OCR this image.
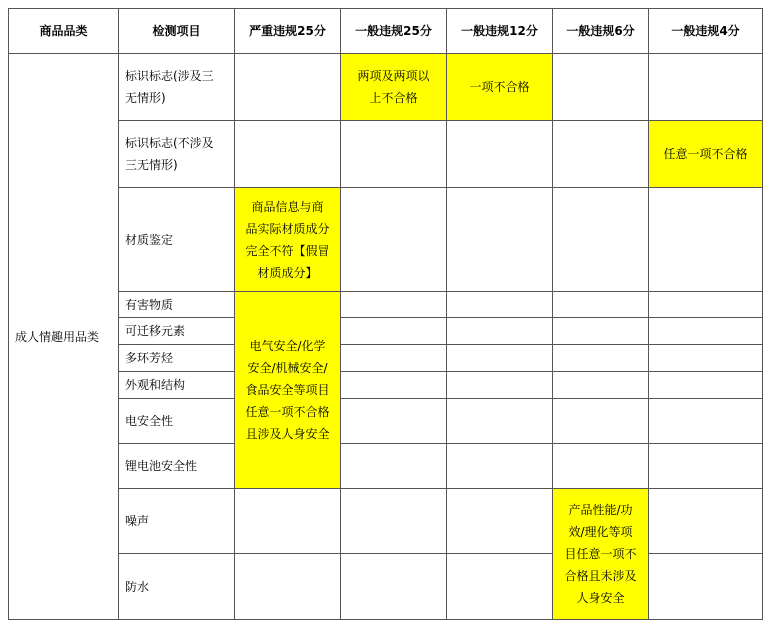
商品品类	检测项目	严重违规25分	一般违规25分	一般违规12分	一般违规6分	一般违规4分
成人情趣用品类	标识标志(涉及三
无情形)		两项及两项以
上不合格	一项不合格		
	标识标志(不涉及
三无情形)					任意一项不合格
	材质鉴定	商品信息与商
品实际材质成分
完全不符【假冒
材质成分】				
	有害物质	电气安全/化学
安全/机械安全/
食品安全等项目
任意一项不合格
且涉及人身安全				
	可迁移元素					
	多环芳烃					
	外观和结构					
	电安全性					
	锂电池安全性					
	噪声				产品性能/功
效/理化等项
目任意一项不
合格且未涉及
人身安全	
	防水					
